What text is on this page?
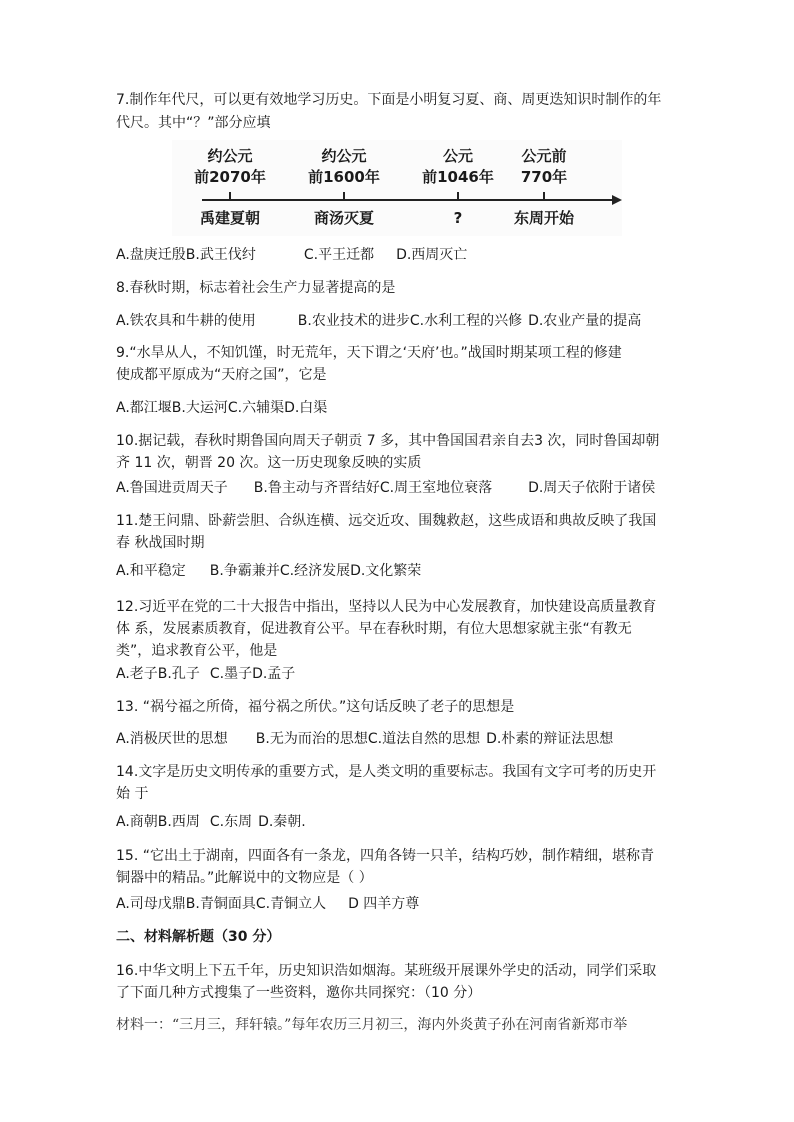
7.制作年代尺，可以更有效地学习历史。下面是小明复习夏、商、周更迭知识时制作的年
代尺。其中“？”部分应填
约公元
前2070年
约公元
前1600年
公元
前1046年
公元前
770年
禹建夏朝	商汤灭夏	?	东周开始
A.盘庚迁殷B.武王伐纣	C.平王迁都 D.西周灭亡
8.春秋时期，标志着社会生产力显著提高的是
A.铁农具和牛耕的使用	B.农业技术的进步C.水利工程的兴修 D.农业产量的提高
9.“水旱从人，不知饥馑，时无荒年，天下谓之‘天府’也。”战国时期某项工程的修建
使成都平原成为“天府之国”，它是
A.都江堰B.大运河C.六辅渠D.白渠
10.据记载，春秋时期鲁国向周天子朝贡 7 多，其中鲁国国君亲自去3 次，同时鲁国却朝
齐 11 次，朝晋 20 次。这一历史现象反映的实质
A.鲁国进贡周天子 B.鲁主动与齐晋结好C.周王室地位衰落	D.周天子依附于诸侯
11.楚王问鼎、卧薪尝胆、合纵连横、远交近攻、围魏救赵，这些成语和典故反映了我国
春 秋战国时期
A.和平稳定 B.争霸兼并C.经济发展D.文化繁荣
12.习近平在党的二十大报告中指出，坚持以人民为中心发展教育，加快建设高质量教育
体 系，发展素质教育，促进教育公平。早在春秋时期，有位大思想家就主张“有教无
类”，追求教育公平，他是
A.老子B.孔子 C.墨子D.孟子
13. “祸兮福之所倚，福兮祸之所伏。”这句话反映了老子的思想是
A.消极厌世的思想 B.无为而治的思想C.道法自然的思想 D.朴素的辩证法思想
14.文字是历史文明传承的重要方式，是人类文明的重要标志。我国有文字可考的历史开
始 于
A.商朝B.西周 C.东周 D.秦朝.
15. “它出土于湖南，四面各有一条龙，四角各铸一只羊，结构巧妙，制作精细，堪称青
铜器中的精品。”此解说中的文物应是（ ）
A.司母戊鼎B.青铜面具C.青铜立人 D 四羊方尊
二、材料解析题（30 分）
16.中华文明上下五千年，历史知识浩如烟海。某班级开展课外学史的活动，同学们采取
了下面几种方式搜集了一些资料，邀你共同探究：（10 分）
材料一：“三月三，拜轩辕。”每年农历三月初三，海内外炎黄子孙在河南省新郑市举
